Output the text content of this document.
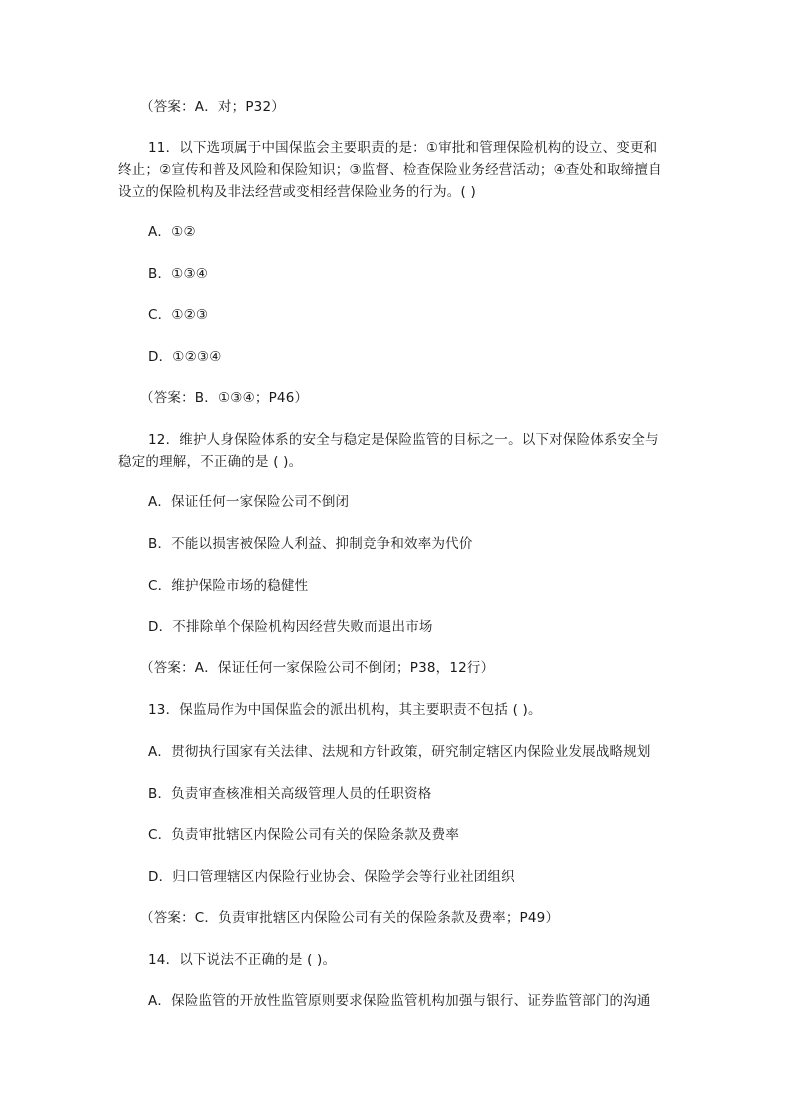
（答案：A．对；P32）
11．以下选项属于中国保监会主要职责的是：①审批和管理保险机构的设立、变更和终止；②宣传和普及风险和保险知识；③监督、检查保险业务经营活动；④查处和取缔擅自设立的保险机构及非法经营或变相经营保险业务的行为。( )
A．①②
B．①③④
C．①②③
D．①②③④
（答案：B．①③④；P46）
12．维护人身保险体系的安全与稳定是保险监管的目标之一。以下对保险体系安全与稳定的理解，不正确的是 ( )。
A．保证任何一家保险公司不倒闭
B．不能以损害被保险人利益、抑制竞争和效率为代价
C．维护保险市场的稳健性
D．不排除单个保险机构因经营失败而退出市场
（答案：A．保证任何一家保险公司不倒闭；P38，12行）
13．保监局作为中国保监会的派出机构，其主要职责不包括 ( )。
A．贯彻执行国家有关法律、法规和方针政策，研究制定辖区内保险业发展战略规划
B．负责审查核准相关高级管理人员的任职资格
C．负责审批辖区内保险公司有关的保险条款及费率
D．归口管理辖区内保险行业协会、保险学会等行业社团组织
（答案：C．负责审批辖区内保险公司有关的保险条款及费率；P49）
14．以下说法不正确的是 ( )。
A．保险监管的开放性监管原则要求保险监管机构加强与银行、证券监管部门的沟通
